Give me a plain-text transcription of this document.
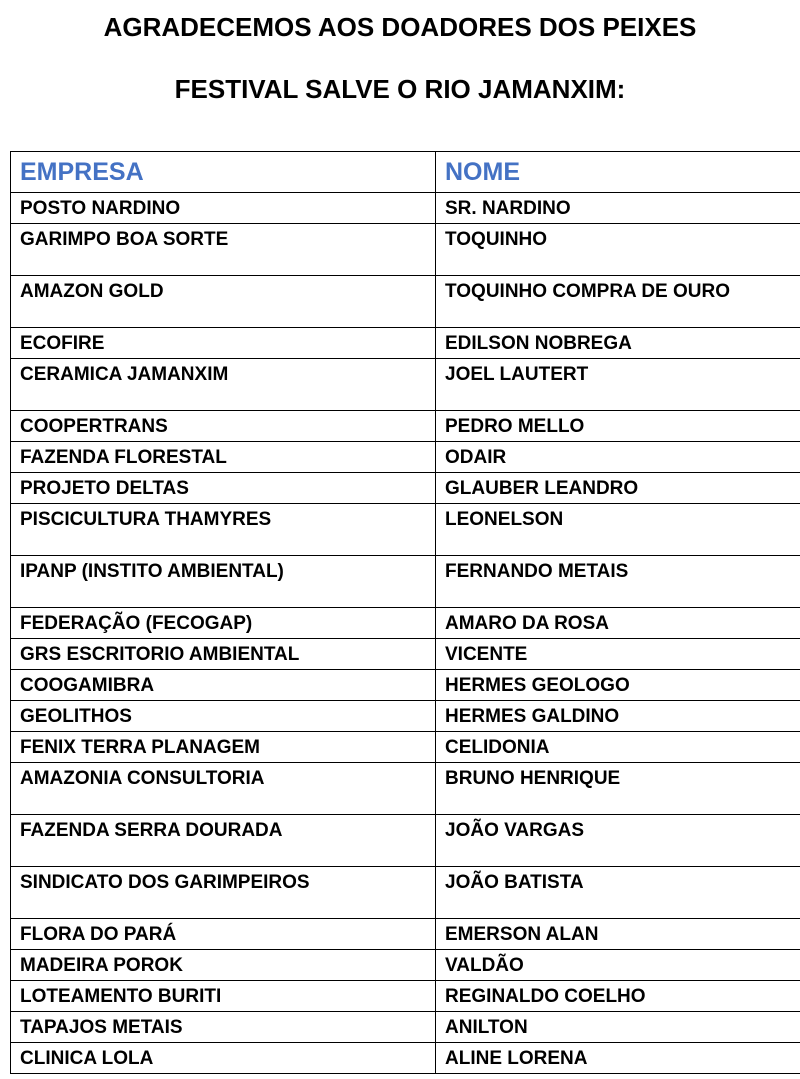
AGRADECEMOS AOS DOADORES DOS PEIXES
FESTIVAL SALVE O RIO JAMANXIM:
EMPRESA	NOME
POSTO NARDINO	SR. NARDINO
GARIMPO BOA SORTE	TOQUINHO
AMAZON GOLD	TOQUINHO COMPRA DE OURO
ECOFIRE	EDILSON NOBREGA
CERAMICA JAMANXIM	JOEL LAUTERT
COOPERTRANS	PEDRO MELLO
FAZENDA FLORESTAL	ODAIR
PROJETO DELTAS	GLAUBER LEANDRO
PISCICULTURA THAMYRES	LEONELSON
IPANP (INSTITO AMBIENTAL)	FERNANDO METAIS
FEDERAÇÃO (FECOGAP)	AMARO DA ROSA
GRS ESCRITORIO AMBIENTAL	VICENTE
COOGAMIBRA	HERMES GEOLOGO
GEOLITHOS	HERMES GALDINO
FENIX TERRA PLANAGEM	CELIDONIA
AMAZONIA CONSULTORIA	BRUNO HENRIQUE
FAZENDA SERRA DOURADA	JOÃO VARGAS
SINDICATO DOS GARIMPEIROS	JOÃO BATISTA
FLORA DO PARÁ	EMERSON ALAN
MADEIRA POROK	VALDÃO
LOTEAMENTO BURITI	REGINALDO COELHO
TAPAJOS METAIS	ANILTON
CLINICA LOLA	ALINE LORENA
